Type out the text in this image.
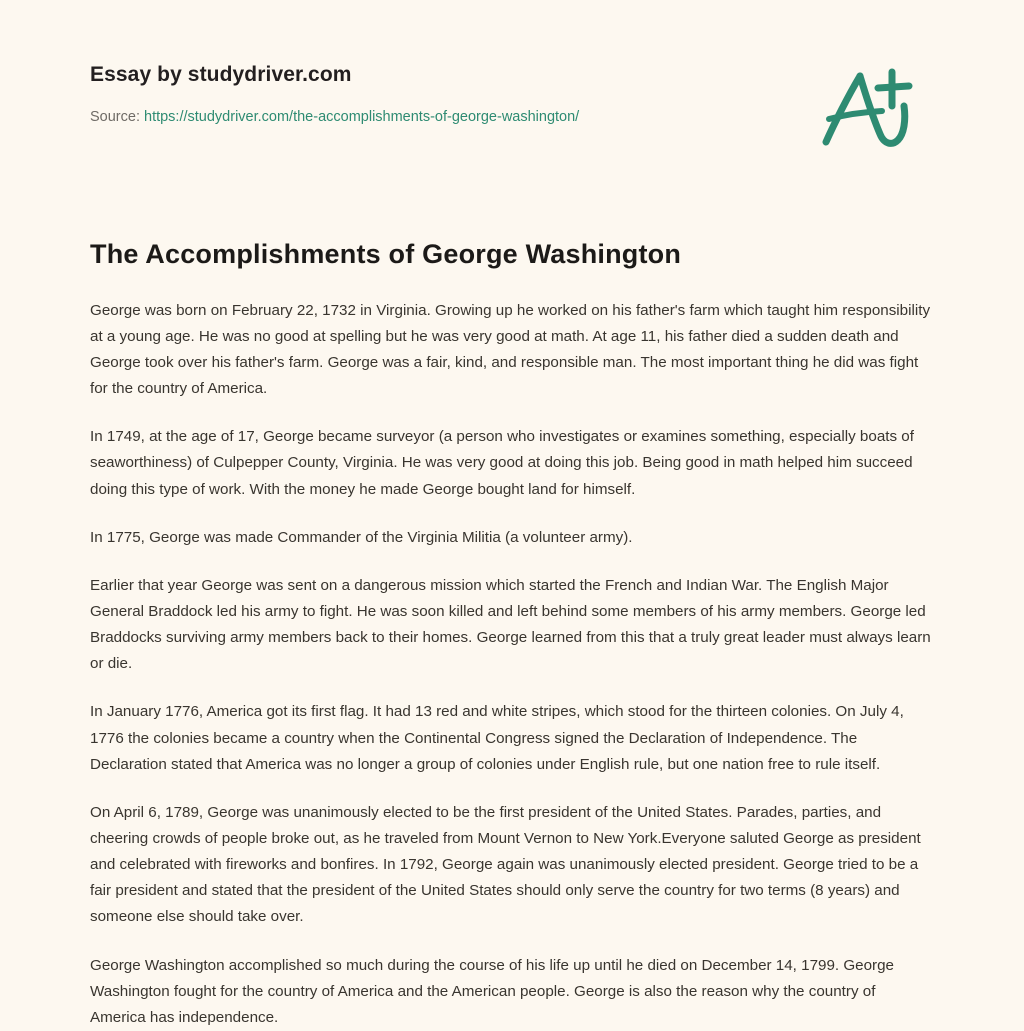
Essay by studydriver.com
Source: https://studydriver.com/the-accomplishments-of-george-washington/
The Accomplishments of George Washington

George was born on February 22, 1732 in Virginia. Growing up he worked on his father's farm which taught him responsibility at a young age. He was no good at spelling but he was very good at math. At age 11, his father died a sudden death and George took over his father's farm. George was a fair, kind, and responsible man. The most important thing he did was fight for the country of America.

In 1749, at the age of 17, George became surveyor (a person who investigates or examines something, especially boats of seaworthiness) of Culpepper County, Virginia. He was very good at doing this job. Being good in math helped him succeed doing this type of work. With the money he made George bought land for himself.

In 1775, George was made Commander of the Virginia Militia (a volunteer army).

Earlier that year George was sent on a dangerous mission which started the French and Indian War. The English Major General Braddock led his army to fight. He was soon killed and left behind some members of his army members. George led Braddocks surviving army members back to their homes. George learned from this that a truly great leader must always learn or die.

In January 1776, America got its first flag. It had 13 red and white stripes, which stood for the thirteen colonies. On July 4, 1776 the colonies became a country when the Continental Congress signed the Declaration of Independence. The Declaration stated that America was no longer a group of colonies under English rule, but one nation free to rule itself.

On April 6, 1789, George was unanimously elected to be the first president of the United States. Parades, parties, and cheering crowds of people broke out, as he traveled from Mount Vernon to New York.Everyone saluted George as president and celebrated with fireworks and bonfires. In 1792, George again was unanimously elected president. George tried to be a fair president and stated that the president of the United States should only serve the country for two terms (8 years) and someone else should take over.

George Washington accomplished so much during the course of his life up until he died on December 14, 1799. George Washington fought for the country of America and the American people. George is also the reason why the country of America has independence.
